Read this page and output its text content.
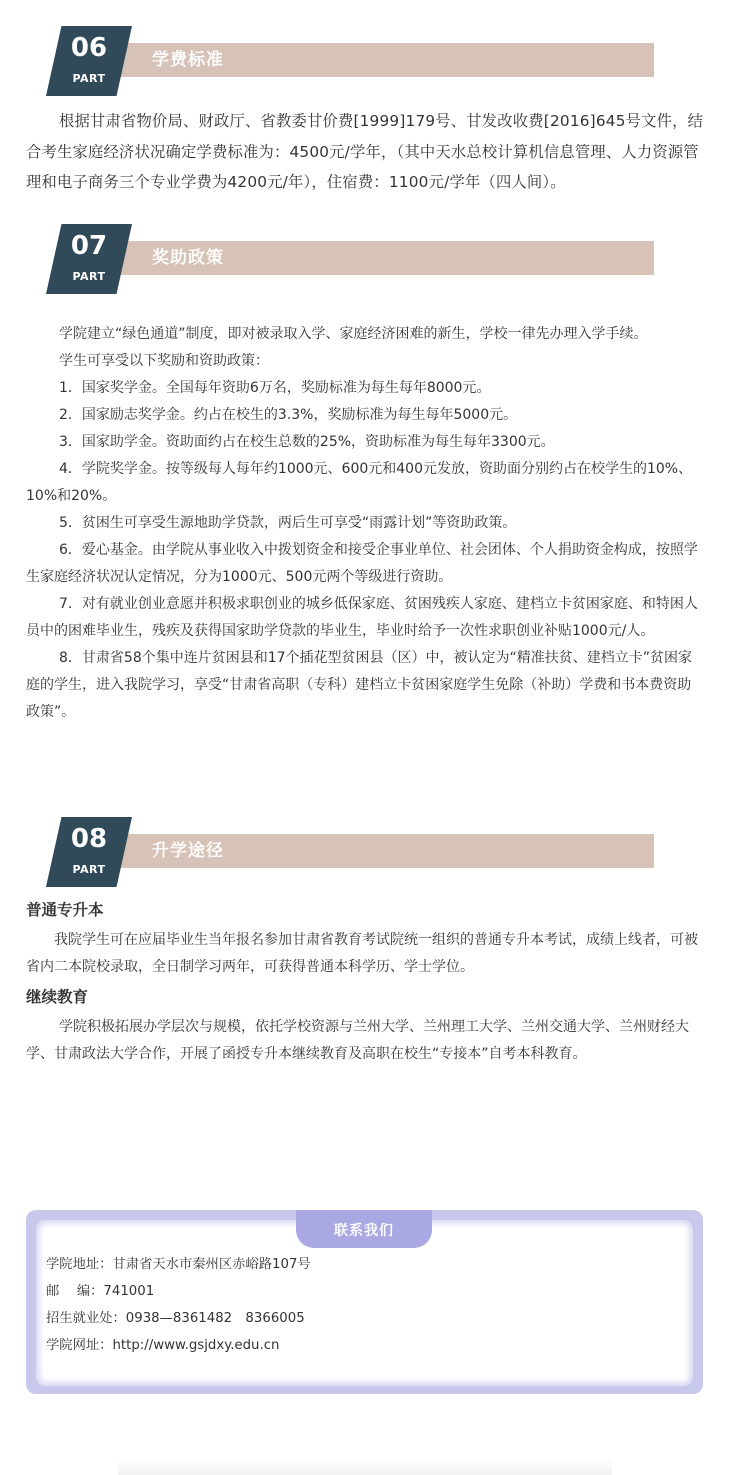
学费标准
06
PART

根据甘肃省物价局、财政厅、省教委甘价费[1999]179号、甘发改收费[2016]645号文件，结合考生家庭经济状况确定学费标准为：4500元/学年，（其中天水总校计算机信息管理、人力资源管理和电子商务三个专业学费为4200元/年），住宿费：1100元/学年（四人间）。

奖助政策
07
PART

学院建立“绿色通道”制度，即对被录取入学、家庭经济困难的新生，学校一律先办理入学手续。

学生可享受以下奖励和资助政策：

1．国家奖学金。全国每年资助6万名，奖励标准为每生每年8000元。

2．国家励志奖学金。约占在校生的3.3%，奖励标准为每生每年5000元。

3．国家助学金。资助面约占在校生总数的25%，资助标准为每生每年3300元。

4．学院奖学金。按等级每人每年约1000元、600元和400元发放，资助面分别约占在校学生的10%、10%和20%。

5．贫困生可享受生源地助学贷款，两后生可享受“雨露计划”等资助政策。

6．爱心基金。由学院从事业收入中拨划资金和接受企事业单位、社会团体、个人捐助资金构成，按照学生家庭经济状况认定情况，分为1000元、500元两个等级进行资助。

7．对有就业创业意愿并积极求职创业的城乡低保家庭、贫困残疾人家庭、建档立卡贫困家庭、和特困人员中的困难毕业生，残疾及获得国家助学贷款的毕业生，毕业时给予一次性求职创业补贴1000元/人。

8．甘肃省58个集中连片贫困县和17个插花型贫困县（区）中，被认定为“精准扶贫、建档立卡”贫困家庭的学生，进入我院学习，享受“甘肃省高职（专科）建档立卡贫困家庭学生免除（补助）学费和书本费资助政策”。

升学途径
08
PART
普通专升本

我院学生可在应届毕业生当年报名参加甘肃省教育考试院统一组织的普通专升本考试，成绩上线者，可被省内二本院校录取，全日制学习两年，可获得普通本科学历、学士学位。

继续教育

学院积极拓展办学层次与规模，依托学校资源与兰州大学、兰州理工大学、兰州交通大学、兰州财经大学、甘肃政法大学合作，开展了函授专升本继续教育及高职在校生“专接本”自考本科教育。

学院地址：甘肃省天水市秦州区赤峪路107号
邮　 编：741001
招生就业处：0938—8361482　8366005
学院网址：http://www.gsjdxy.edu.cn
联系我们
